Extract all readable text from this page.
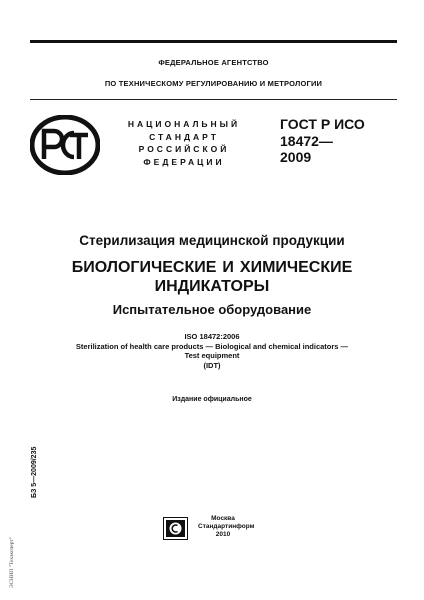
ФЕДЕРАЛЬНОЕ АГЕНТСТВО
ПО ТЕХНИЧЕСКОМУ РЕГУЛИРОВАНИЮ И МЕТРОЛОГИИ
НАЦИОНАЛЬНЫЙ
СТАНДАРТ
РОССИЙСКОЙ
ФЕДЕРАЦИИ
ГОСТ Р ИСО
18472—
2009
Стерилизация медицинской продукции
БИОЛОГИЧЕСКИЕ И ХИМИЧЕСКИЕ
ИНДИКАТОРЫ
Испытательное оборудование
ISO 18472:2006
Sterilization of health care products — Biological and chemical indicators —
Test equipment
(IDT)
Издание официальное
БЗ 5—2009/235
ЭСНИП "Техэксперт"
Москва
Стандартинформ
2010
